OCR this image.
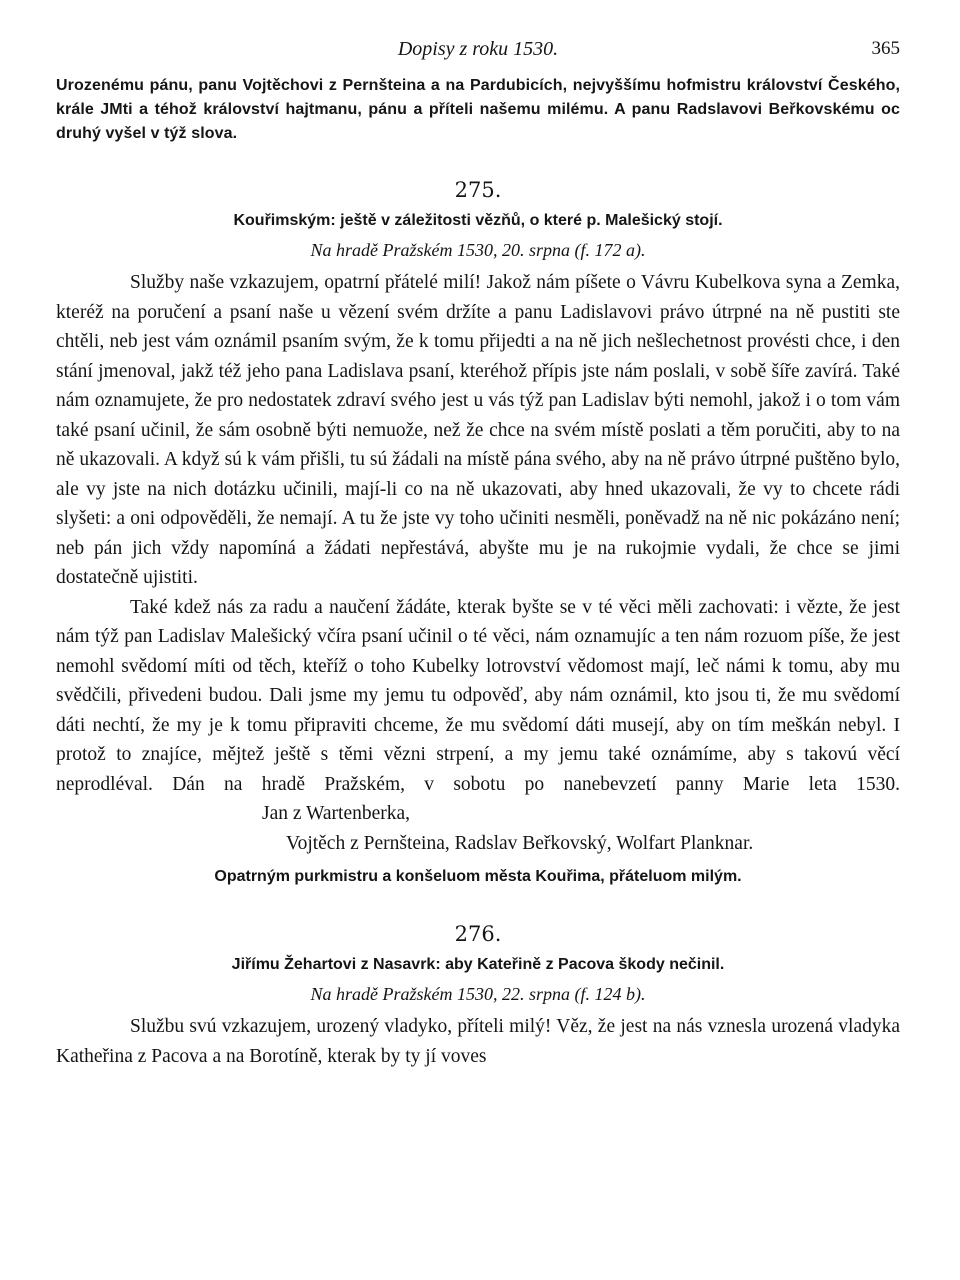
Dopisy z roku 1530.	365
Urozenému pánu, panu Vojtěchovi z Pernšteina a na Pardubicích, nejvyššímu hofmistru království Českého, krále JMti a téhož království hajtmanu, pánu a příteli našemu milému. A panu Radslavovi Beřkovskému oc druhý vyšel v týž slova.
275.
Kouřimským: ještě v záležitosti vězňů, o které p. Malešický stojí.
Na hradě Pražském 1530, 20. srpna (f. 172 a).

Služby naše vzkazujem, opatrní přátelé milí! Jakož nám píšete o Vávru Kubelkova syna a Zemka, kteréž na poručení a psaní naše u vězení svém držíte a panu Ladislavovi právo útrpné na ně pustiti ste chtěli, neb jest vám oznámil psaním svým, že k tomu přijedti a na ně jich nešlechetnost provésti chce, i den stání jmenoval, jakž též jeho pana Ladislava psaní, kteréhož přípis jste nám poslali, v sobě šíře zavírá. Také nám oznamujete, že pro nedostatek zdraví svého jest u vás týž pan Ladislav býti nemohl, jakož i o tom vám také psaní učinil, že sám osobně býti nemuože, než že chce na svém místě poslati a těm poručiti, aby to na ně ukazovali. A když sú k vám přišli, tu sú žádali na místě pána svého, aby na ně právo útrpné puštěno bylo, ale vy jste na nich dotázku učinili, mají-li co na ně ukazovati, aby hned ukazovali, že vy to chcete rádi slyšeti: a oni odpověděli, že nemají. A tu že jste vy toho učiniti nesměli, poněvadž na ně nic pokázáno není; neb pán jich vždy napomíná a žádati nepřestává, abyšte mu je na rukojmie vydali, že chce se jimi dostatečně ujistiti.

Také kdež nás za radu a naučení žádáte, kterak byšte se v té věci měli zachovati: i vězte, že jest nám týž pan Ladislav Malešický včíra psaní učinil o té věci, nám oznamujíc a ten nám rozuom píše, že jest nemohl svědomí míti od těch, kteříž o toho Kubelky lotrovství vědomost mají, leč námi k tomu, aby mu svědčili, přivedeni budou. Dali jsme my jemu tu odpověď, aby nám oznámil, kto jsou ti, že mu svědomí dáti nechtí, že my je k tomu připraviti chceme, že mu svědomí dáti musejí, aby on tím meškán nebyl. I protož to znajíce, mějtež ještě s těmi vězni strpení, a my jemu také oznámíme, aby s takovú věcí neprodléval. Dán na hradě Pražském, v sobotu po nanebevzetí panny Marie leta 1530.Jan z Wartenberka,

Vojtěch z Pernšteina, Radslav Beřkovský, Wolfart Planknar.
Opatrným purkmistru a konšeluom města Kouřima, přáteluom milým.
276.
Jiřímu Žehartovi z Nasavrk: aby Kateřině z Pacova škody nečinil.
Na hradě Pražském 1530, 22. srpna (f. 124 b).

Službu svú vzkazujem, urozený vladyko, příteli milý! Věz, že jest na nás vznesla urozená vladyka Katheřina z Pacova a na Borotíně, kterak by ty jí voves
